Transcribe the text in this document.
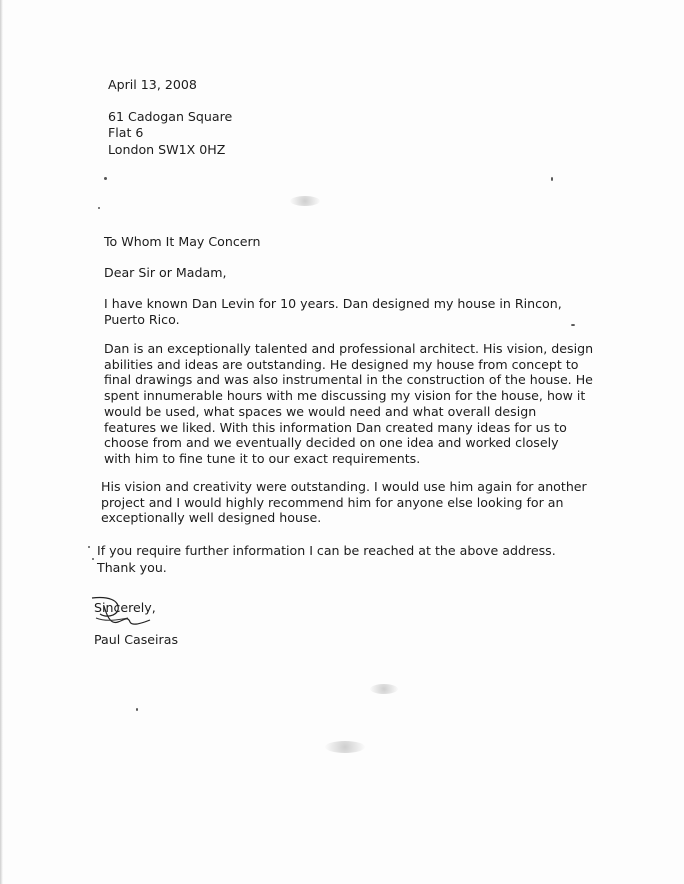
April 13, 2008
61 Cadogan Square
Flat 6
London SW1X 0HZ
To Whom It May Concern
Dear Sir or Madam,
I have known Dan Levin for 10 years. Dan designed my house in Rincon,
Puerto Rico.
Dan is an exceptionally talented and professional architect. His vision, design
abilities and ideas are outstanding. He designed my house from concept to
final drawings and was also instrumental in the construction of the house. He
spent innumerable hours with me discussing my vision for the house, how it
would be used, what spaces we would need and what overall design
features we liked. With this information Dan created many ideas for us to
choose from and we eventually decided on one idea and worked closely
with him to fine tune it to our exact requirements.
His vision and creativity were outstanding. I would use him again for another
project and I would highly recommend him for anyone else looking for an
exceptionally well designed house.
If you require further information I can be reached at the above address.
Thank you.
Sincerely,
Paul Caseiras
